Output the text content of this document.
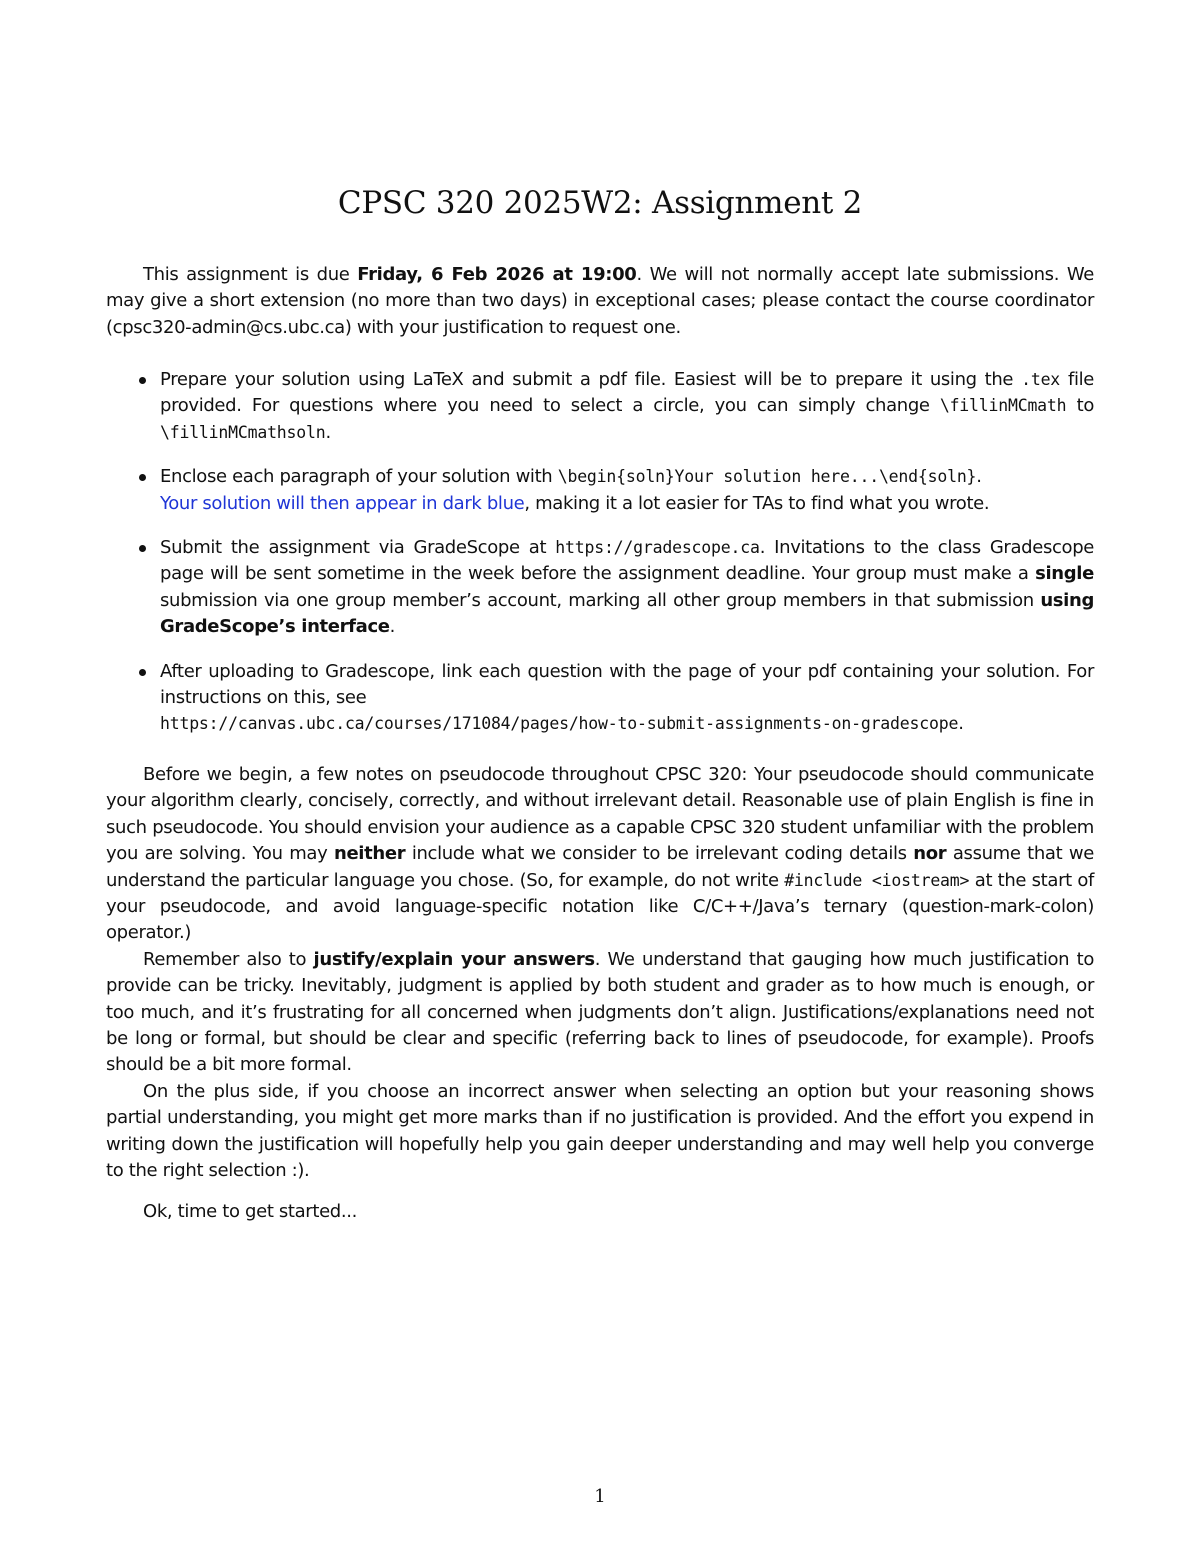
CPSC 320 2025W2: Assignment 2

This assignment is due Friday, 6 Feb 2026 at 19:00. We will not normally accept late submissions. We may give a short extension (no more than two days) in exceptional cases; please contact the course coordinator (cpsc320-admin@cs.ubc.ca) with your justification to request one.

Prepare your solution using LaTeX and submit a pdf file. Easiest will be to prepare it using the .tex file provided. For questions where you need to select a circle, you can simply change \fillinMCmath to \fillinMCmathsoln.
Enclose each paragraph of your solution with \begin{soln}Your solution here...\end{soln}.
Your solution will then appear in dark blue, making it a lot easier for TAs to find what you wrote.
Submit the assignment via GradeScope at https://gradescope.ca. Invitations to the class Gradescope page will be sent sometime in the week before the assignment deadline. Your group must make a single submission via one group member’s account, marking all other group members in that submission using GradeScope’s interface.
After uploading to Gradescope, link each question with the page of your pdf containing your solution. For instructions on this, see
https://canvas.ubc.ca/courses/171084/pages/how-to-submit-assignments-on-gradescope.

Before we begin, a few notes on pseudocode throughout CPSC 320: Your pseudocode should communicate your algorithm clearly, concisely, correctly, and without irrelevant detail. Reasonable use of plain English is fine in such pseudocode. You should envision your audience as a capable CPSC 320 student unfamiliar with the problem you are solving. You may neither include what we consider to be irrelevant coding details nor assume that we understand the particular language you chose. (So, for example, do not write #include <iostream> at the start of your pseudocode, and avoid language-specific notation like C/C++/Java’s ternary (question-mark-colon) operator.)

Remember also to justify/explain your answers. We understand that gauging how much justification to provide can be tricky. Inevitably, judgment is applied by both student and grader as to how much is enough, or too much, and it’s frustrating for all concerned when judgments don’t align. Justifications/explanations need not be long or formal, but should be clear and specific (referring back to lines of pseudocode, for example). Proofs should be a bit more formal.

On the plus side, if you choose an incorrect answer when selecting an option but your reasoning shows partial understanding, you might get more marks than if no justification is provided. And the effort you expend in writing down the justification will hopefully help you gain deeper understanding and may well help you converge to the right selection :).

Ok, time to get started...

1
